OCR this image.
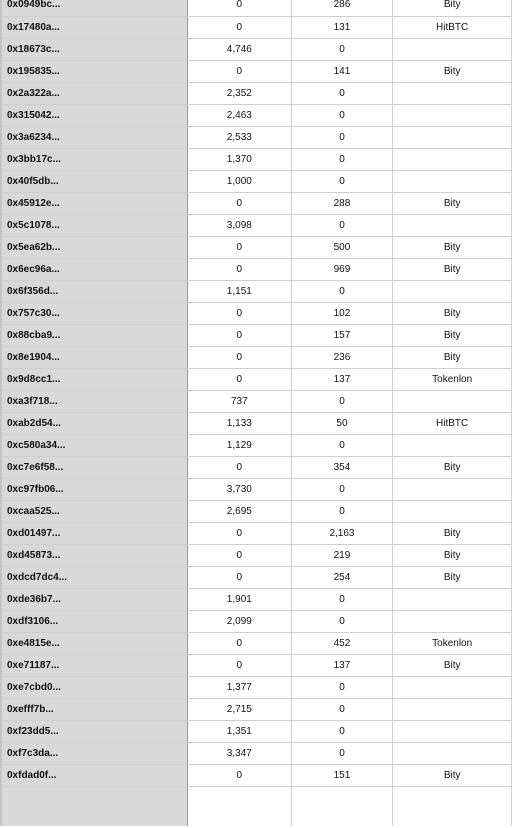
0x0949bc...	0	286	Bity
0x17480a...	0	131	HitBTC
0x18673c...	4,746	0	
0x195835...	0	141	Bity
0x2a322a...	2,352	0	
0x315042...	2,463	0	
0x3a6234...	2,533	0	
0x3bb17c...	1,370	0	
0x40f5db...	1,000	0	
0x45912e...	0	288	Bity
0x5c1078...	3,098	0	
0x5ea62b...	0	500	Bity
0x6ec96a...	0	969	Bity
0x6f356d...	1,151	0	
0x757c30...	0	102	Bity
0x88cba9...	0	157	Bity
0x8e1904...	0	236	Bity
0x9d8cc1...	0	137	Tokenlon
0xa3f718...	737	0	
0xab2d54...	1,133	50	HitBTC
0xc580a34...	1,129	0	
0xc7e6f58...	0	354	Bity
0xc97fb06...	3,730	0	
0xcaa525...	2,695	0	
0xd01497...	0	2,163	Bity
0xd45873...	0	219	Bity
0xdcd7dc4...	0	254	Bity
0xde36b7...	1,901	0	
0xdf3106...	2,099	0	
0xe4815e...	0	452	Tokenlon
0xe71187...	0	137	Bity
0xe7cbd0...	1,377	0	
0xefff7b...	2,715	0	
0xf23dd5...	1,351	0	
0xf7c3da...	3,347	0	
0xfdad0f...	0	151	Bity
